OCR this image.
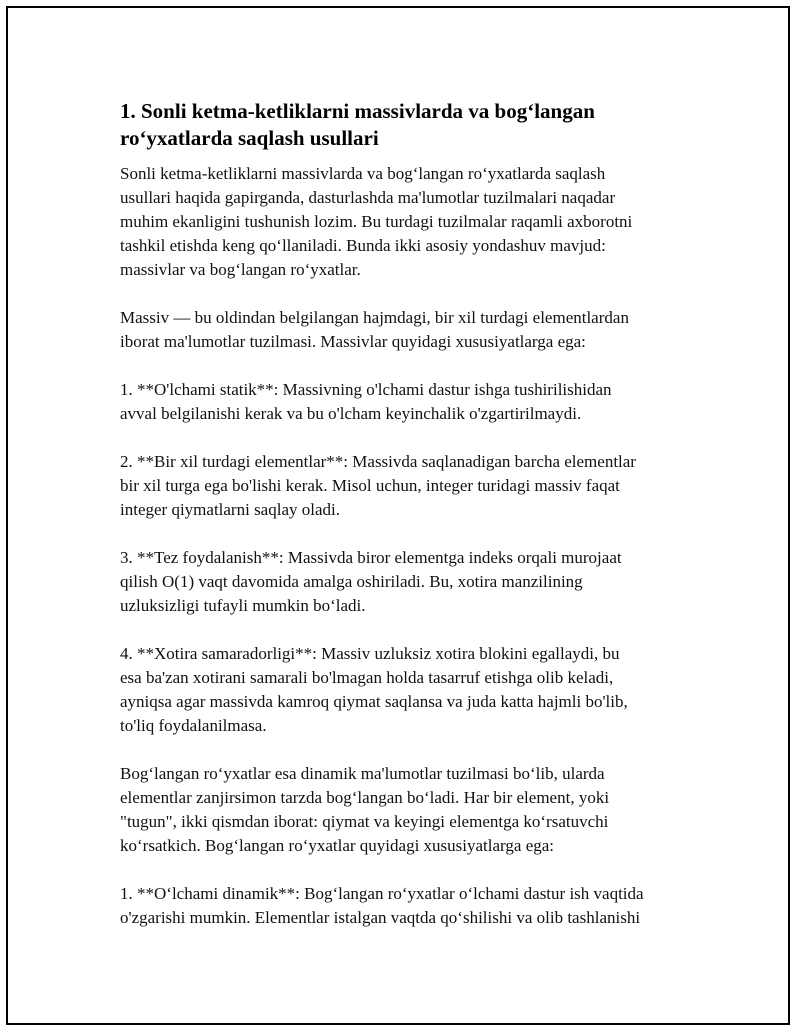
1. Sonli ketma-ketliklarni massivlarda va bog‘langan
ro‘yxatlarda saqlash usullari

Sonli ketma-ketliklarni massivlarda va bog‘langan ro‘yxatlarda saqlash
usullari haqida gapirganda, dasturlashda ma'lumotlar tuzilmalari naqadar
muhim ekanligini tushunish lozim. Bu turdagi tuzilmalar raqamli axborotni
tashkil etishda keng qo‘llaniladi. Bunda ikki asosiy yondashuv mavjud:
massivlar va bog‘langan ro‘yxatlar.

Massiv — bu oldindan belgilangan hajmdagi, bir xil turdagi elementlardan
iborat ma'lumotlar tuzilmasi. Massivlar quyidagi xususiyatlarga ega:

1. **O'lchami statik**: Massivning o'lchami dastur ishga tushirilishidan
avval belgilanishi kerak va bu o'lcham keyinchalik o'zgartirilmaydi.

2. **Bir xil turdagi elementlar**: Massivda saqlanadigan barcha elementlar
bir xil turga ega bo'lishi kerak. Misol uchun, integer turidagi massiv faqat
integer qiymatlarni saqlay oladi.

3. **Tez foydalanish**: Massivda biror elementga indeks orqali murojaat
qilish O(1) vaqt davomida amalga oshiriladi. Bu, xotira manzilining
uzluksizligi tufayli mumkin bo‘ladi.

4. **Xotira samaradorligi**: Massiv uzluksiz xotira blokini egallaydi, bu
esa ba'zan xotirani samarali bo'lmagan holda tasarruf etishga olib keladi,
ayniqsa agar massivda kamroq qiymat saqlansa va juda katta hajmli bo'lib,
to'liq foydalanilmasa.

Bog‘langan ro‘yxatlar esa dinamik ma'lumotlar tuzilmasi bo‘lib, ularda
elementlar zanjirsimon tarzda bog‘langan bo‘ladi. Har bir element, yoki
"tugun", ikki qismdan iborat: qiymat va keyingi elementga ko‘rsatuvchi
ko‘rsatkich. Bog‘langan ro‘yxatlar quyidagi xususiyatlarga ega:

1. **O‘lchami dinamik**: Bog‘langan ro‘yxatlar o‘lchami dastur ish vaqtida
o'zgarishi mumkin. Elementlar istalgan vaqtda qo‘shilishi va olib tashlanishi
